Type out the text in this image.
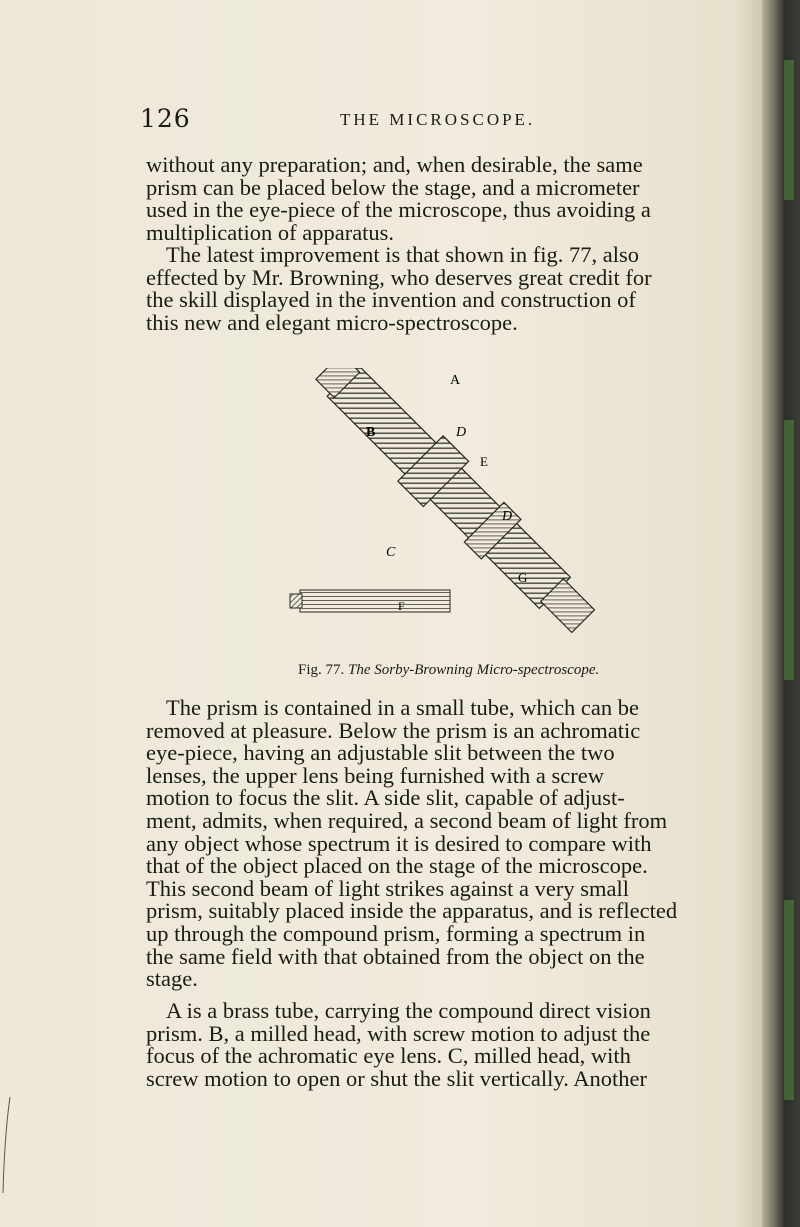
126	THE MICROSCOPE.

without any preparation; and, when desirable, the same
prism can be placed below the stage, and a micrometer
used in the eye-piece of the microscope, thus avoiding a
multiplication of apparatus.

The latest improvement is that shown in fig. 77, also
effected by Mr. Browning, who deserves great credit for
the skill displayed in the invention and construction of
this new and elegant micro-spectroscope.

A
B	D
E
D
C
G
F
Fig. 77. The Sorby-Browning Micro-spectroscope.

The prism is contained in a small tube, which can be
removed at pleasure. Below the prism is an achromatic
eye-piece, having an adjustable slit between the two
lenses, the upper lens being furnished with a screw
motion to focus the slit. A side slit, capable of adjust-
ment, admits, when required, a second beam of light from
any object whose spectrum it is desired to compare with
that of the object placed on the stage of the microscope.
This second beam of light strikes against a very small
prism, suitably placed inside the apparatus, and is reflected
up through the compound prism, forming a spectrum in
the same field with that obtained from the object on the
stage.

A is a brass tube, carrying the compound direct vision
prism. B, a milled head, with screw motion to adjust the
focus of the achromatic eye lens. C, milled head, with
screw motion to open or shut the slit vertically. Another
